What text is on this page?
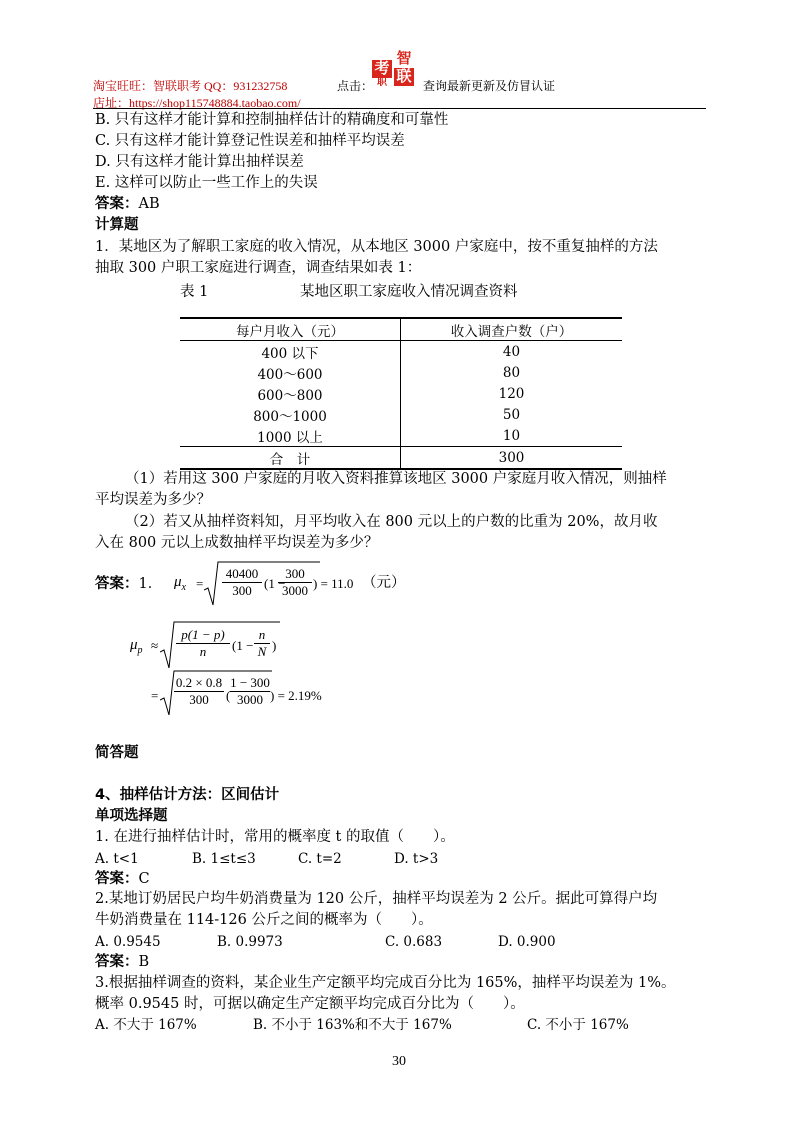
淘宝旺旺：智联职考 QQ：931232758	点击：
考
智
职 联
查询最新更新及仿冒认证
店址：https://shop115748884.taobao.com/
B. 只有这样才能计算和控制抽样估计的精确度和可靠性
C. 只有这样才能计算登记性误差和抽样平均误差
D. 只有这样才能计算出抽样误差
E. 这样可以防止一些工作上的失误
答案：AB
计算题
1．某地区为了解职工家庭的收入情况，从本地区 3000 户家庭中，按不重复抽样的方法
抽取 300 户职工家庭进行调查，调查结果如表 1：
表 1	某地区职工家庭收入情况调查资料
每户月收入（元）	收入调查户数（户）
400 以下	40
400～600	80
600～800	120
800～1000	50
1000 以上	10
合　计	300
（1）若用这 300 户家庭的月收入资料推算该地区 3000 户家庭月收入情况，则抽样
平均误差为多少？
（2）若又从抽样资料知，月平均收入在 800 元以上的户数的比重为 20%，故月收
入在 800 元以上成数抽样平均误差为多少？
答案：1． $\mu_x = \frac{40400}{300} (1$ −
$\frac{300}{3000}$ ) = 11.0 （元）
$\mu_p \approx \frac{p(1 - p)}{n} (1 - \frac{n}{N}$ )
= $\frac{0.2 \times 0.8}{300}$ ( $\frac{1 - 300}{3000}$ ) = 2.19%
简答题
4、抽样估计方法：区间估计
单项选择题
1. 在进行抽样估计时，常用的概率度 t 的取值（　　）。
A. t<1	B. 1≤t≤3	C. t=2	D. t>3
答案：C
2.某地订奶居民户均牛奶消费量为 120 公斤，抽样平均误差为 2 公斤。据此可算得户均
牛奶消费量在 114-126 公斤之间的概率为（　　）。
A. 0.9545	B. 0.9973	C. 0.683	D. 0.900
答案：B
3.根据抽样调查的资料，某企业生产定额平均完成百分比为 165%，抽样平均误差为 1%。
概率 0.9545 时，可据以确定生产定额平均完成百分比为（　　）。
A. 不大于 167%	B. 不小于 163%和不大于 167%	C. 不小于 167%
30
